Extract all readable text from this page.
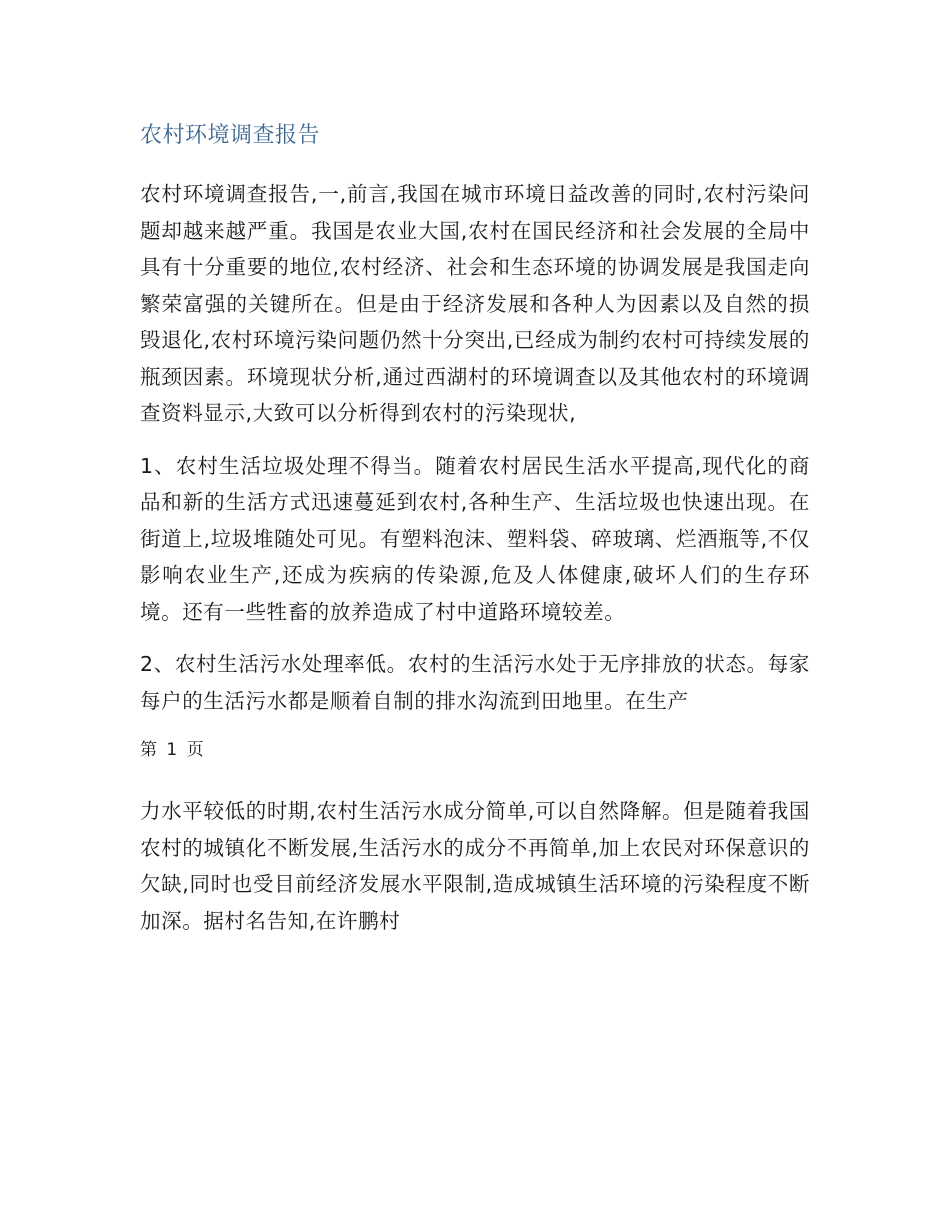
农村环境调查报告

农村环境调查报告,一,前言,我国在城市环境日益改善的同时,农村污染问题却越来越严重。我国是农业大国,农村在国民经济和社会发展的全局中具有十分重要的地位,农村经济、社会和生态环境的协调发展是我国走向繁荣富强的关键所在。但是由于经济发展和各种人为因素以及自然的损毁退化,农村环境污染问题仍然十分突出,已经成为制约农村可持续发展的瓶颈因素。环境现状分析,通过西湖村的环境调查以及其他农村的环境调查资料显示,大致可以分析得到农村的污染现状,

1、农村生活垃圾处理不得当。随着农村居民生活水平提高,现代化的商品和新的生活方式迅速蔓延到农村,各种生产、生活垃圾也快速出现。在街道上,垃圾堆随处可见。有塑料泡沫、塑料袋、碎玻璃、烂酒瓶等,不仅影响农业生产,还成为疾病的传染源,危及人体健康,破坏人们的生存环境。还有一些牲畜的放养造成了村中道路环境较差。

2、农村生活污水处理率低。农村的生活污水处于无序排放的状态。每家每户的生活污水都是顺着自制的排水沟流到田地里。在生产

第 1 页

力水平较低的时期,农村生活污水成分简单,可以自然降解。但是随着我国农村的城镇化不断发展,生活污水的成分不再简单,加上农民对环保意识的欠缺,同时也受目前经济发展水平限制,造成城镇生活环境的污染程度不断加深。据村名告知,在许鹏村
